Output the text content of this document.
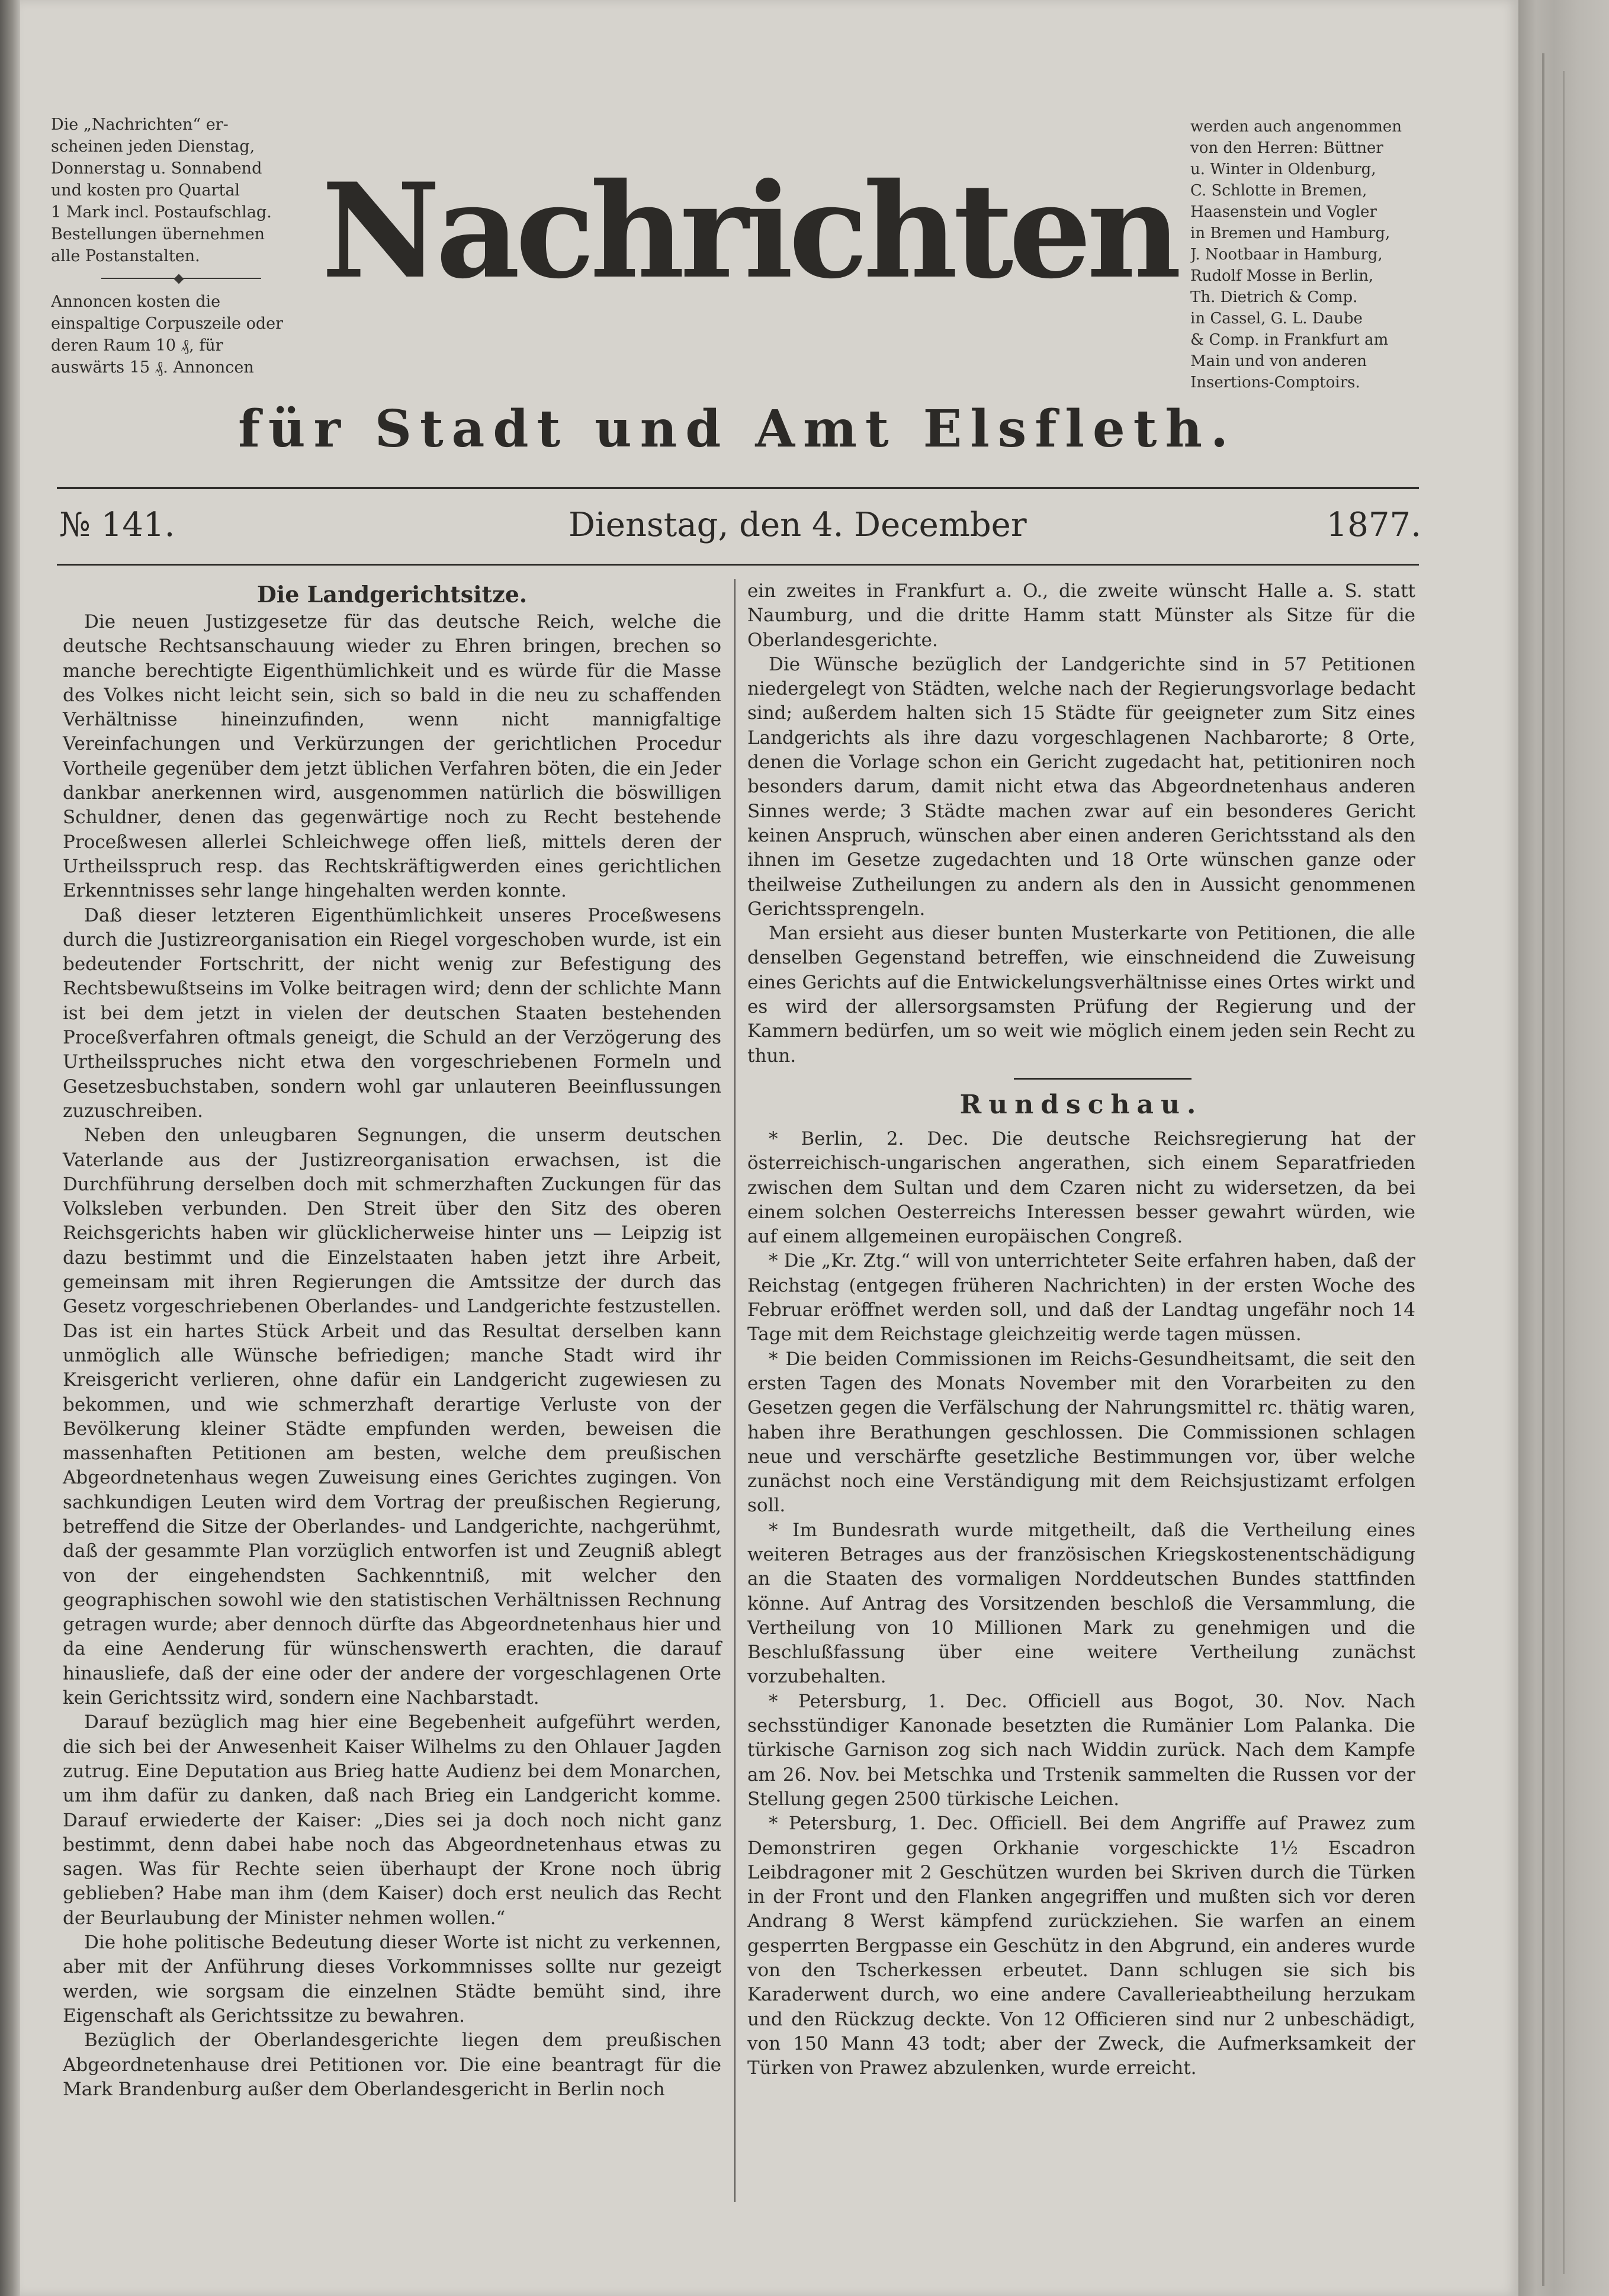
Die „Nachrichten“ er-

scheinen jeden Dienstag,

Donnerstag u. Sonnabend

und kosten pro Quartal

1 Mark incl. Postaufschlag.

Bestellungen übernehmen

alle Postanstalten.

Annoncen kosten die

einspaltige Corpuszeile oder

deren Raum 10 ₰, für

auswärts 15 ₰. Annoncen

Nachrichten

werden auch angenommen

von den Herren: Büttner

u. Winter in Oldenburg,

C. Schlotte in Bremen,

Haasenstein und Vogler

in Bremen und Hamburg,

J. Nootbaar in Hamburg,

Rudolf Mosse in Berlin,

Th. Dietrich & Comp.

in Cassel, G. L. Daube

& Comp. in Frankfurt am

Main und von anderen

Insertions-Comptoirs.

für Stadt und Amt Elsfleth.
№ 141.	Dienstag, den 4. December	1877.
Die Landgerichtsitze.

Die neuen Justizgesetze für das deutsche Reich, welche die deutsche Rechtsanschauung wieder zu Ehren bringen, brechen so manche berechtigte Eigenthümlichkeit und es würde für die Masse des Volkes nicht leicht sein, sich so bald in die neu zu schaffenden Verhältnisse hineinzufinden, wenn nicht mannigfaltige Vereinfachungen und Verkürzungen der gerichtlichen Procedur Vortheile gegenüber dem jetzt üblichen Verfahren böten, die ein Jeder dankbar anerkennen wird, ausgenommen natürlich die böswilligen Schuldner, denen das gegenwärtige noch zu Recht bestehende Proceßwesen allerlei Schleichwege offen ließ, mittels deren der Urtheilsspruch resp. das Rechtskräftigwerden eines gerichtlichen Erkenntnisses sehr lange hingehalten werden konnte.

Daß dieser letzteren Eigenthümlichkeit unseres Proceßwesens durch die Justizreorganisation ein Riegel vorgeschoben wurde, ist ein bedeutender Fortschritt, der nicht wenig zur Befestigung des Rechtsbewußtseins im Volke beitragen wird; denn der schlichte Mann ist bei dem jetzt in vielen der deutschen Staaten bestehenden Proceßverfahren oftmals geneigt, die Schuld an der Verzögerung des Urtheilsspruches nicht etwa den vorgeschriebenen Formeln und Gesetzesbuchstaben, sondern wohl gar unlauteren Beeinflussungen zuzuschreiben.

Neben den unleugbaren Segnungen, die unserm deutschen Vaterlande aus der Justizreorganisation erwachsen, ist die Durchführung derselben doch mit schmerzhaften Zuckungen für das Volksleben verbunden. Den Streit über den Sitz des oberen Reichsgerichts haben wir glücklicherweise hinter uns — Leipzig ist dazu bestimmt und die Einzelstaaten haben jetzt ihre Arbeit, gemeinsam mit ihren Regierungen die Amtssitze der durch das Gesetz vorgeschriebenen Oberlandes- und Landgerichte festzustellen. Das ist ein hartes Stück Arbeit und das Resultat derselben kann unmöglich alle Wünsche befriedigen; manche Stadt wird ihr Kreisgericht verlieren, ohne dafür ein Landgericht zugewiesen zu bekommen, und wie schmerzhaft derartige Verluste von der Bevölkerung kleiner Städte empfunden werden, beweisen die massenhaften Petitionen am besten, welche dem preußischen Abgeordnetenhaus wegen Zuweisung eines Gerichtes zugingen. Von sachkundigen Leuten wird dem Vortrag der preußischen Regierung, betreffend die Sitze der Oberlandes- und Landgerichte, nachgerühmt, daß der gesammte Plan vorzüglich entworfen ist und Zeugniß ablegt von der eingehendsten Sachkenntniß, mit welcher den geographischen sowohl wie den statistischen Verhältnissen Rechnung getragen wurde; aber dennoch dürfte das Abgeordnetenhaus hier und da eine Aenderung für wünschenswerth erachten, die darauf hinausliefe, daß der eine oder der andere der vorgeschlagenen Orte kein Gerichtssitz wird, sondern eine Nachbarstadt.

Darauf bezüglich mag hier eine Begebenheit aufgeführt werden, die sich bei der Anwesenheit Kaiser Wilhelms zu den Ohlauer Jagden zutrug. Eine Deputation aus Brieg hatte Audienz bei dem Monarchen, um ihm dafür zu danken, daß nach Brieg ein Landgericht komme. Darauf erwiederte der Kaiser: „Dies sei ja doch noch nicht ganz bestimmt, denn dabei habe noch das Abgeordnetenhaus etwas zu sagen. Was für Rechte seien überhaupt der Krone noch übrig geblieben? Habe man ihm (dem Kaiser) doch erst neulich das Recht der Beurlaubung der Minister nehmen wollen.“

Die hohe politische Bedeutung dieser Worte ist nicht zu verkennen, aber mit der Anführung dieses Vorkommnisses sollte nur gezeigt werden, wie sorgsam die einzelnen Städte bemüht sind, ihre Eigenschaft als Gerichtssitze zu bewahren.

Bezüglich der Oberlandesgerichte liegen dem preußischen Abgeordnetenhause drei Petitionen vor. Die eine beantragt für die Mark Brandenburg außer dem Oberlandesgericht in Berlin noch

ein zweites in Frankfurt a. O., die zweite wünscht Halle a. S. statt Naumburg, und die dritte Hamm statt Münster als Sitze für die Oberlandesgerichte.

Die Wünsche bezüglich der Landgerichte sind in 57 Petitionen niedergelegt von Städten, welche nach der Regierungsvorlage bedacht sind; außerdem halten sich 15 Städte für geeigneter zum Sitz eines Landgerichts als ihre dazu vorgeschlagenen Nachbarorte; 8 Orte, denen die Vorlage schon ein Gericht zugedacht hat, petitioniren noch besonders darum, damit nicht etwa das Abgeordnetenhaus anderen Sinnes werde; 3 Städte machen zwar auf ein besonderes Gericht keinen Anspruch, wünschen aber einen anderen Gerichtsstand als den ihnen im Gesetze zugedachten und 18 Orte wünschen ganze oder theilweise Zutheilungen zu andern als den in Aussicht genommenen Gerichtssprengeln.

Man ersieht aus dieser bunten Musterkarte von Petitionen, die alle denselben Gegenstand betreffen, wie einschneidend die Zuweisung eines Gerichts auf die Entwickelungsverhältnisse eines Ortes wirkt und es wird der allersorgsamsten Prüfung der Regierung und der Kammern bedürfen, um so weit wie möglich einem jeden sein Recht zu thun.

Rundschau.

* Berlin, 2. Dec. Die deutsche Reichsregierung hat der österreichisch-ungarischen angerathen, sich einem Separatfrieden zwischen dem Sultan und dem Czaren nicht zu widersetzen, da bei einem solchen Oesterreichs Interessen besser gewahrt würden, wie auf einem allgemeinen europäischen Congreß.

* Die „Kr. Ztg.“ will von unterrichteter Seite erfahren haben, daß der Reichstag (entgegen früheren Nachrichten) in der ersten Woche des Februar eröffnet werden soll, und daß der Landtag ungefähr noch 14 Tage mit dem Reichstage gleichzeitig werde tagen müssen.

* Die beiden Commissionen im Reichs-Gesundheitsamt, die seit den ersten Tagen des Monats November mit den Vorarbeiten zu den Gesetzen gegen die Verfälschung der Nahrungsmittel rc. thätig waren, haben ihre Berathungen geschlossen. Die Commissionen schlagen neue und verschärfte gesetzliche Bestimmungen vor, über welche zunächst noch eine Verständigung mit dem Reichsjustizamt erfolgen soll.

* Im Bundesrath wurde mitgetheilt, daß die Vertheilung eines weiteren Betrages aus der französischen Kriegskostenentschädigung an die Staaten des vormaligen Norddeutschen Bundes stattfinden könne. Auf Antrag des Vorsitzenden beschloß die Versammlung, die Vertheilung von 10 Millionen Mark zu genehmigen und die Beschlußfassung über eine weitere Vertheilung zunächst vorzubehalten.

* Petersburg, 1. Dec. Officiell aus Bogot, 30. Nov. Nach sechsstündiger Kanonade besetzten die Rumänier Lom Palanka. Die türkische Garnison zog sich nach Widdin zurück. Nach dem Kampfe am 26. Nov. bei Metschka und Trstenik sammelten die Russen vor der Stellung gegen 2500 türkische Leichen.

* Petersburg, 1. Dec. Officiell. Bei dem Angriffe auf Prawez zum Demonstriren gegen Orkhanie vorgeschickte 1½ Escadron Leibdragoner mit 2 Geschützen wurden bei Skriven durch die Türken in der Front und den Flanken angegriffen und mußten sich vor deren Andrang 8 Werst kämpfend zurückziehen. Sie warfen an einem gesperrten Bergpasse ein Geschütz in den Abgrund, ein anderes wurde von den Tscherkessen erbeutet. Dann schlugen sie sich bis Karaderwent durch, wo eine andere Cavallerieabtheilung herzukam und den Rückzug deckte. Von 12 Officieren sind nur 2 unbeschädigt, von 150 Mann 43 todt; aber der Zweck, die Aufmerksamkeit der Türken von Prawez abzulenken, wurde erreicht.
